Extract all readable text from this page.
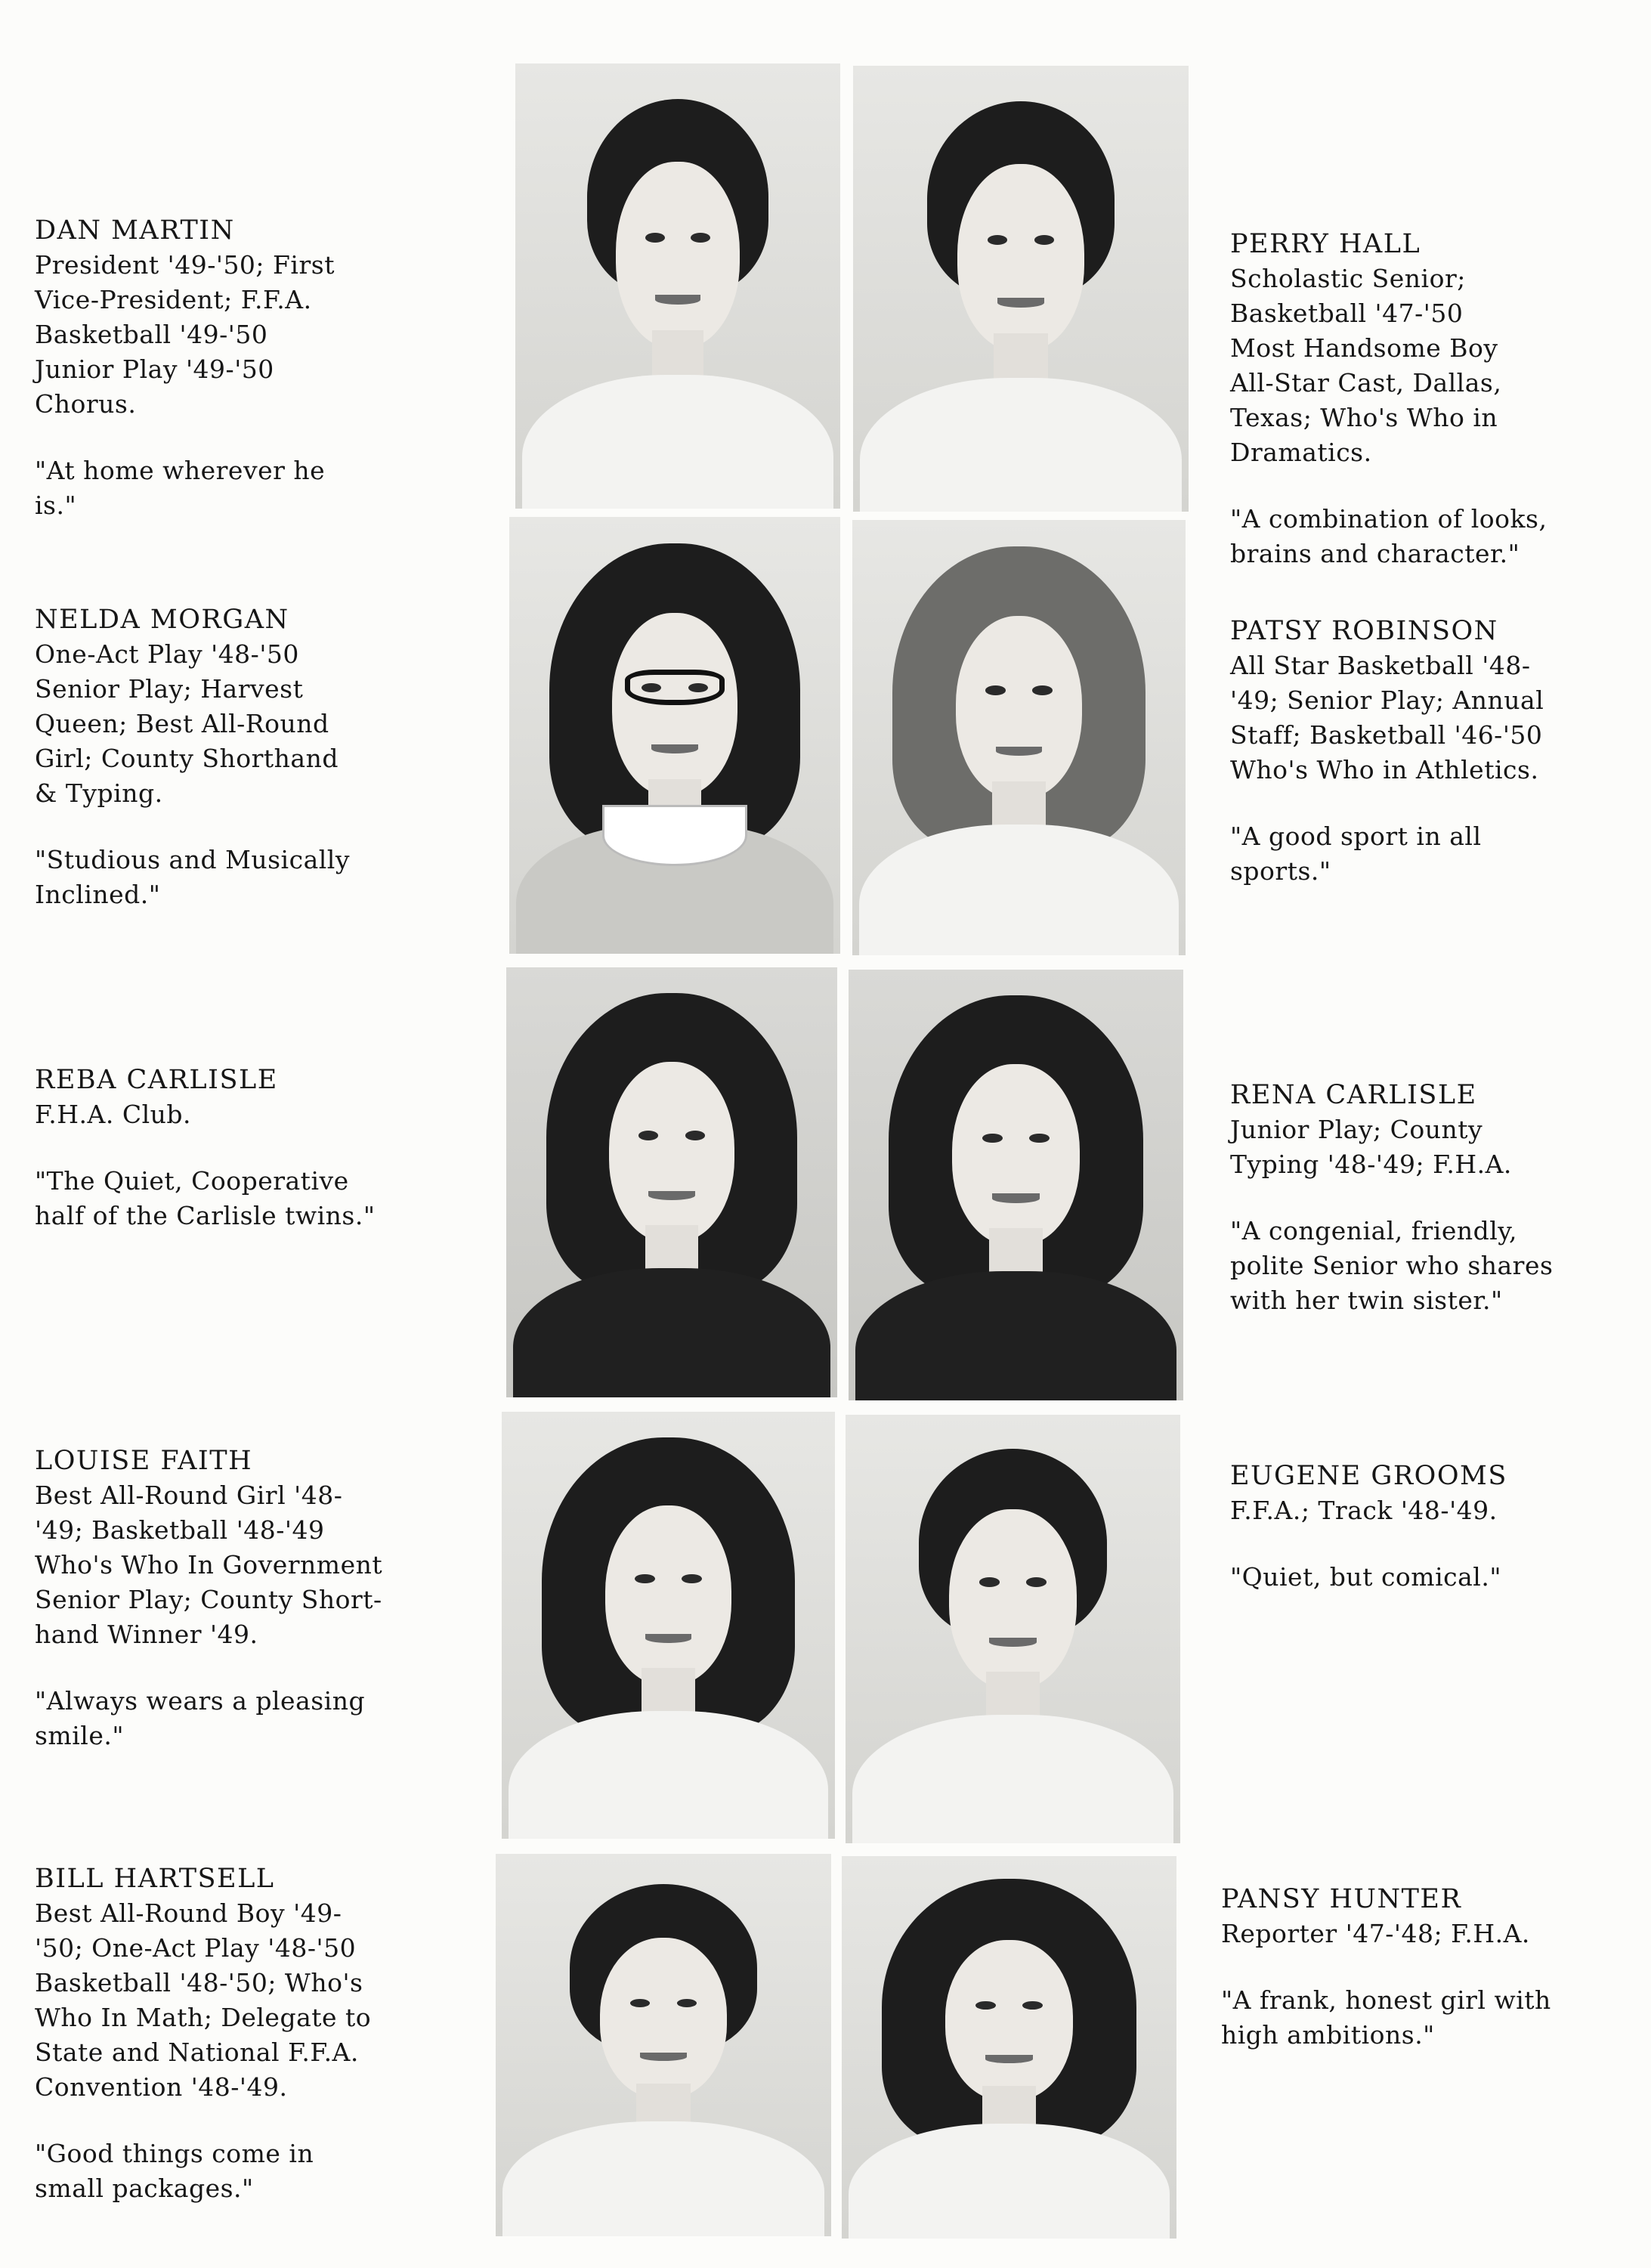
DAN MARTIN
President '49-'50; First
Vice-President; F.F.A.
Basketball '49-'50
Junior Play '49-'50
Chorus.
"At home wherever he
is."
NELDA MORGAN
One-Act Play '48-'50
Senior Play; Harvest
Queen; Best All-Round
Girl; County Shorthand
& Typing.
"Studious and Musically
Inclined."
REBA CARLISLE
F.H.A. Club.
"The Quiet, Cooperative
half of the Carlisle twins."
LOUISE FAITH
Best All-Round Girl '48-
'49; Basketball '48-'49
Who's Who In Government
Senior Play; County Short-
hand Winner '49.
"Always wears a pleasing
smile."
BILL HARTSELL
Best All-Round Boy '49-
'50; One-Act Play '48-'50
Basketball '48-'50; Who's
Who In Math; Delegate to
State and National F.F.A.
Convention '48-'49.
"Good things come in
small packages."
PERRY HALL
Scholastic Senior;
Basketball '47-'50
Most Handsome Boy
All-Star Cast, Dallas,
Texas; Who's Who in
Dramatics.
"A combination of looks,
brains and character."
PATSY ROBINSON
All Star Basketball '48-
'49; Senior Play; Annual
Staff; Basketball '46-'50
Who's Who in Athletics.
"A good sport in all
sports."
RENA CARLISLE
Junior Play; County
Typing '48-'49; F.H.A.
"A congenial, friendly,
polite Senior who shares
with her twin sister."
EUGENE GROOMS
F.F.A.; Track '48-'49.
"Quiet, but comical."
PANSY HUNTER
Reporter '47-'48; F.H.A.
"A frank, honest girl with
high ambitions."
